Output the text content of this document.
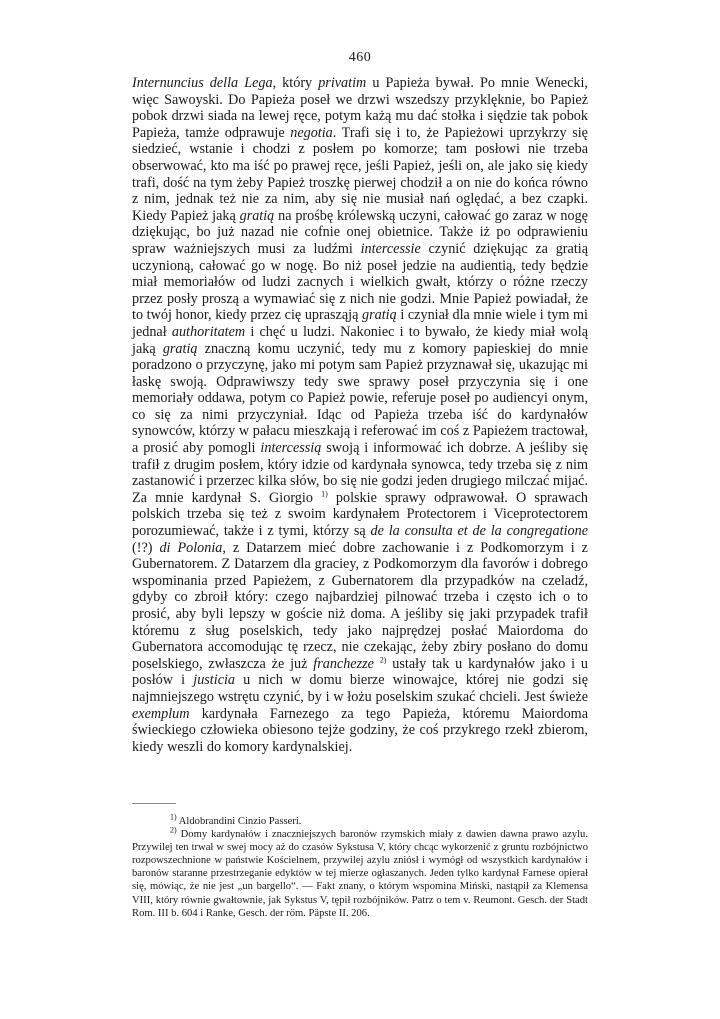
460

Internuncius della Lega, który privatim u Papieża bywał. Po mnie Wenecki, więc Sawoyski. Do Papieża poseł we drzwi wszedszy przyklęknie, bo Papież pobok drzwi siada na lewej ręce, potym każą mu dać stołka i siędzie tak pobok Papieża, tamże odprawuje negotia. Trafi się i to, że Papieżowi uprzykrzy się siedzieć, wstanie i chodzi z posłem po komorze; tam posłowi nie trzeba obserwować, kto ma iść po prawej ręce, jeśli Papież, jeśli on, ale jako się kiedy trafi, dość na tym żeby Papież troszkę pierwej chodził a on nie do końca równo z nim, jednak też nie za nim, aby się nie musiał nań oględać, a bez czapki. Kiedy Papież jaką gratią na prośbę królewską uczyni, całować go zaraz w nogę dziękując, bo już nazad nie cofnie onej obietnice. Także iż po odprawieniu spraw ważniejszych musi za ludźmi intercessie czynić dziękując za gratią uczynioną, całować go w nogę. Bo niż poseł jedzie na audientią, tedy będzie miał memoriałów od ludzi zacnych i wielkich gwałt, którzy o różne rzeczy przez posły proszą a wymawiać się z nich nie godzi. Mnie Papież powiadał, że to twój honor, kiedy przez cię uprasząją gratią i czyniał dla mnie wiele i tym mi jednał authoritatem i chęć u ludzi. Nakoniec i to bywało, że kiedy miał wolą jaką gratią znaczną komu uczynić, tedy mu z komory papieskiej do mnie poradzono o przyczynę, jako mi potym sam Papież przyznawał się, ukazując mi łaskę swoją. Odprawiwszy tedy swe sprawy poseł przyczynia się i one memoriały oddawa, potym co Papież powie, referuje poseł po audiencyi onym, co się za nimi przyczyniał. Idąc od Papieża trzeba iść do kardynałów synowców, którzy w pałacu mieszkają i referować im coś z Papieżem tractował, a prosić aby pomogli intercessią swoją i informować ich dobrze. A jeśliby się trafił z drugim posłem, który idzie od kardynała synowca, tedy trzeba się z nim zastanowić i przerzec kilka słów, bo się nie godzi jeden drugiego milczać mijać. Za mnie kardynał S. Giorgio $^{1)}$ polskie sprawy odprawował. O sprawach polskich trzeba się też z swoim kardynałem Protectorem i Viceprotectorem porozumiewać, także i z tymi, którzy są de la consulta et de la congregatione (!?) di Polonia, z Datarzem mieć dobre zachowanie i z Podkomorzym i z Gubernatorem. Z Datarzem dla graciey, z Podkomorzym dla favorów i dobrego wspominania przed Papieżem, z Gubernatorem dla przypadków na czeladź, gdyby co zbroił który: czego najbardziej pilnować trzeba i często ich o to prosić, aby byli lepszy w goście niż doma. A jeśliby się jaki przypadek trafił któremu z sług poselskich, tedy jako najprędzej posłać Maiordoma do Gubernatora accomodując tę rzecz, nie czekając, żeby zbiry posłano do domu poselskiego, zwłaszcza że już franchezze $^{2)}$ ustały tak u kardynałów jako i u posłów i justicia u nich w domu bierze winowajce, której nie godzi się najmniejszego wstrętu czynić, by i w łożu poselskim szukać chcieli. Jest świeże exemplum kardynała Farnezego za tego Papieża, któremu Maiordoma świeckiego człowieka obiesono tejże godziny, że coś przykrego rzekł zbierom, kiedy weszli do komory kardynalskiej.

$^{1)}$ Aldobrandini Cinzio Passeri.

$^{2)}$ Domy kardynałów i znaczniejszych baronów rzymskich miały z dawien dawna prawo azylu. Przywilej ten trwał w swej mocy aż do czasów Sykstusa V, który chcąc wykorzenić z gruntu rozbójnictwo rozpowszechnione w państwie Kościelnem, przywilej azylu zniósł i wymógł od wszystkich kardynałów i baronów staranne przestrzeganie edyktów w tej mierze ogłaszanych. Jeden tylko kardynał Farnese opierał się, mówiąc, że nie jest „un bargello“. — Fakt znany, o którym wspomina Miński, nastąpił za Klemensa VIII, który równie gwałtownie, jak Sykstus V, tępił rozbójników. Patrz o tem v. Reumont. Gesch. der Stadt Rom. III b. 604 i Ranke, Gesch. der röm. Päpste II. 206.
